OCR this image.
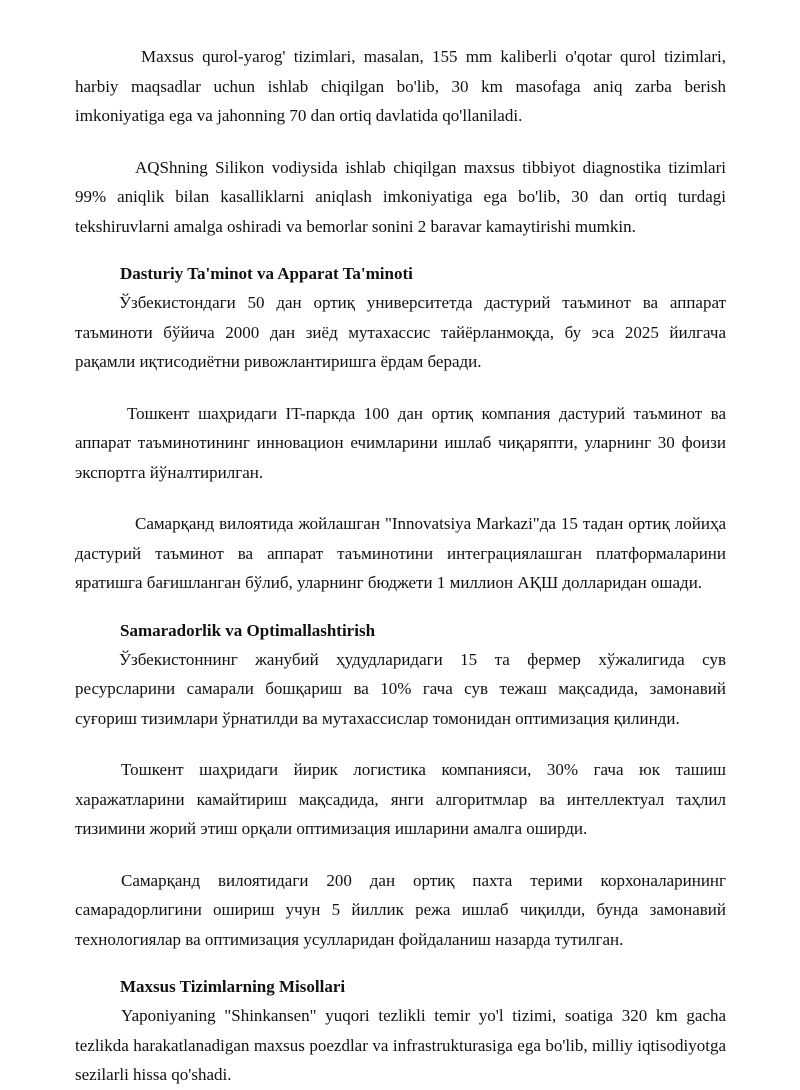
Maxsus qurol-yarog' tizimlari, masalan, 155 mm kaliberli o'qotar qurol tizimlari, harbiy maqsadlar uchun ishlab chiqilgan bo'lib, 30 km masofaga aniq zarba berish imkoniyatiga ega va jahonning 70 dan ortiq davlatida qo'llaniladi.

AQShning Silikon vodiysida ishlab chiqilgan maxsus tibbiyot diagnostika tizimlari 99% aniqlik bilan kasalliklarni aniqlash imkoniyatiga ega bo'lib, 30 dan ortiq turdagi tekshiruvlarni amalga oshiradi va bemorlar sonini 2 baravar kamaytirishi mumkin.

Dasturiy Ta'minot va Apparat Ta'minoti

Ўзбекистондаги 50 дан ортиқ университетда дастурий таъминот ва аппарат таъминоти бўйича 2000 дан зиёд мутахассис тайёрланмоқда, бу эса 2025 йилгача рақамли иқтисодиётни ривожлантиришга ёрдам беради.

Тошкент шаҳридаги IT-паркда 100 дан ортиқ компания дастурий таъминот ва аппарат таъминотининг инновацион ечимларини ишлаб чиқаряпти, уларнинг 30 фоизи экспортга йўналтирилган.

Самарқанд вилоятида жойлашган "Innovatsiya Markazi"да 15 тадан ортиқ лойиҳа дастурий таъминот ва аппарат таъминотини интеграциялашган платформаларини яратишга бағишланган бўлиб, уларнинг бюджети 1 миллион АҚШ долларидан ошади.

Samaradorlik va Optimallashtirish

Ўзбекистоннинг жанубий ҳудудларидаги 15 та фермер хўжалигида сув ресурсларини самарали бошқариш ва 10% гача сув тежаш мақсадида, замонавий суғориш тизимлари ўрнатилди ва мутахассислар томонидан оптимизация қилинди.

Тошкент шаҳридаги йирик логистика компанияси, 30% гача юк ташиш харажатларини камайтириш мақсадида, янги алгоритмлар ва интеллектуал таҳлил тизимини жорий этиш орқали оптимизация ишларини амалга оширди.

Самарқанд вилоятидаги 200 дан ортиқ пахта терими корхоналарининг самарадорлигини ошириш учун 5 йиллик режа ишлаб чиқилди, бунда замонавий технологиялар ва оптимизация усулларидан фойдаланиш назарда тутилган.

Maxsus Tizimlarning Misollari

Yaponiyaning "Shinkansen" yuqori tezlikli temir yo'l tizimi, soatiga 320 km gacha tezlikda harakatlanadigan maxsus poezdlar va infrastrukturasiga ega bo'lib, milliy iqtisodiyotga sezilarli hissa qo'shadi.
